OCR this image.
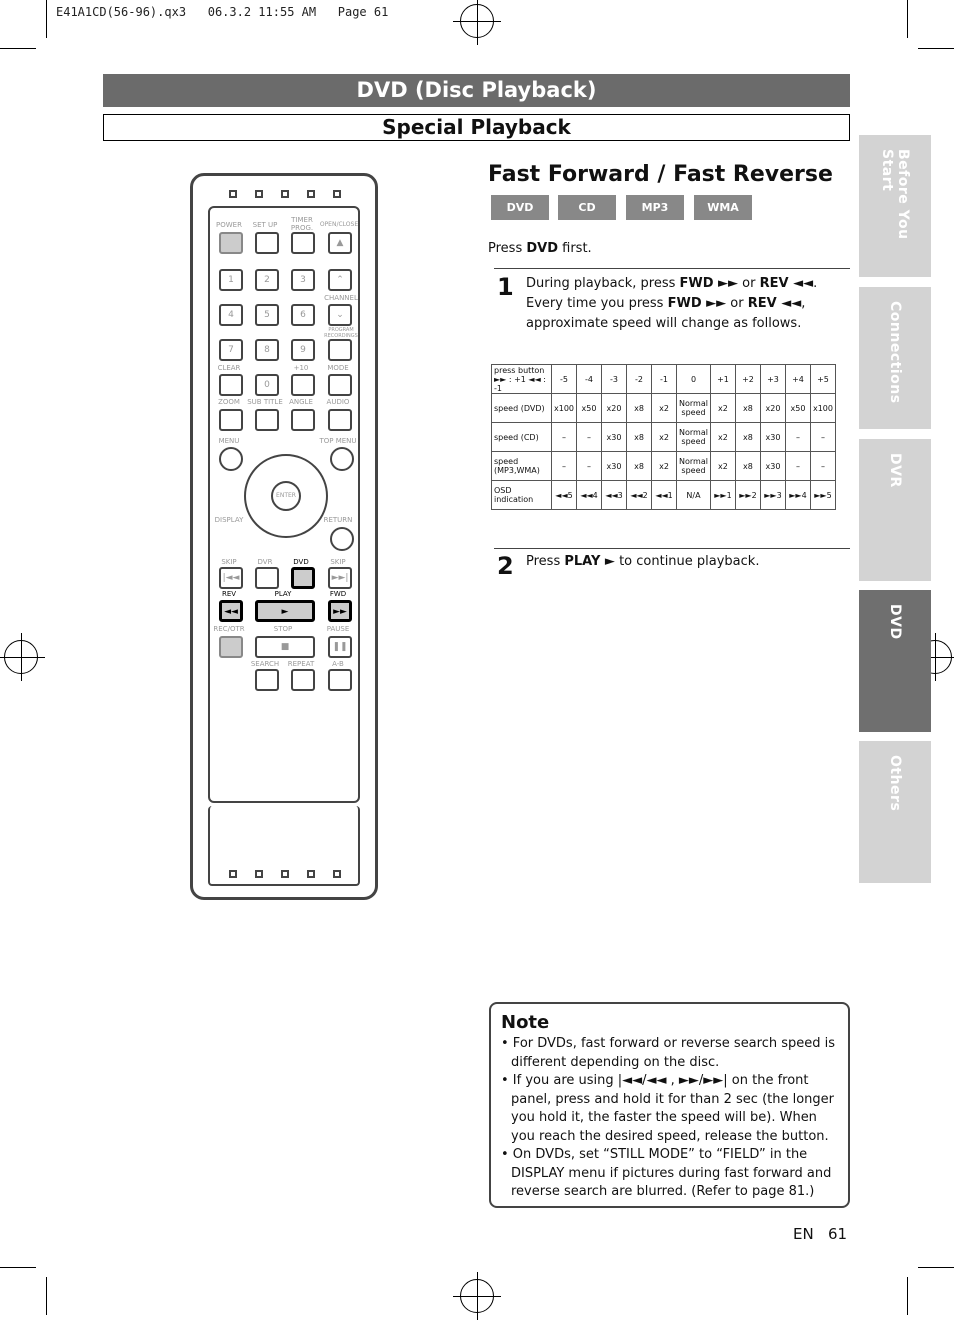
E41A1CD(56-96).qx3   06.3.2 11:55 AM   Page 61
DVD (Disc Playback)
Special Playback
Before You Start
Connections
DVR
DVD
Others
POWER	SET UP
TIMER PROG.	OPEN/CLOSE
▲
1	2	3	⌃
CHANNEL
4	5	6	⌄
PROGRAM RECORDINGS
7	8	9
CLEAR	+10	MODE
0
ZOOM	SUB TITLE ANGLE	AUDIO
MENU	TOP MENU
ENTER
DISPLAY	RETURN
SKIP	DVR	DVD	SKIP
|◄◄	►►|
REV	PLAY	FWD
◄◄	►	►►
REC/OTR	STOP	PAUSE
■	❚❚
SEARCH	REPEAT	A-B
Fast Forward / Fast Reverse
DVD	CD	MP3	WMA
Press DVD first.
1 During playback, press FWD ►► or REV ◄◄.
Every time you press FWD ►► or REV ◄◄,
approximate speed will change as follows.
press button ►► : +1 ◄◄ : -1	-5	-4	-3	-2	-1	0	+1	+2	+3	+4	+5
speed (DVD)	x100	x50	x20	x8	x2	Normal speed	x2	x8	x20	x50	x100
speed (CD)	–	–	x30	x8	x2	Normal speed	x2	x8	x30	–	–
speed (MP3,WMA)	–	–	x30	x8	x2	Normal speed	x2	x8	x30	–	–
OSD indication	◄◄5	◄◄4	◄◄3	◄◄2	◄◄1	N/A	►►1	►►2	►►3	►►4	►►5
2 Press PLAY ► to continue playback.
Note
• For DVDs, fast forward or reverse search speed is different depending on the disc.
• If you are using |◄◄/◄◄ , ►►/►►| on the front panel, press and hold it for than 2 sec (the longer you hold it, the faster the speed will be). When you reach the desired speed, release the button.
• On DVDs, set “STILL MODE” to “FIELD” in the DISPLAY menu if pictures during fast forward and reverse search are blurred. (Refer to page 81.)
EN 61
